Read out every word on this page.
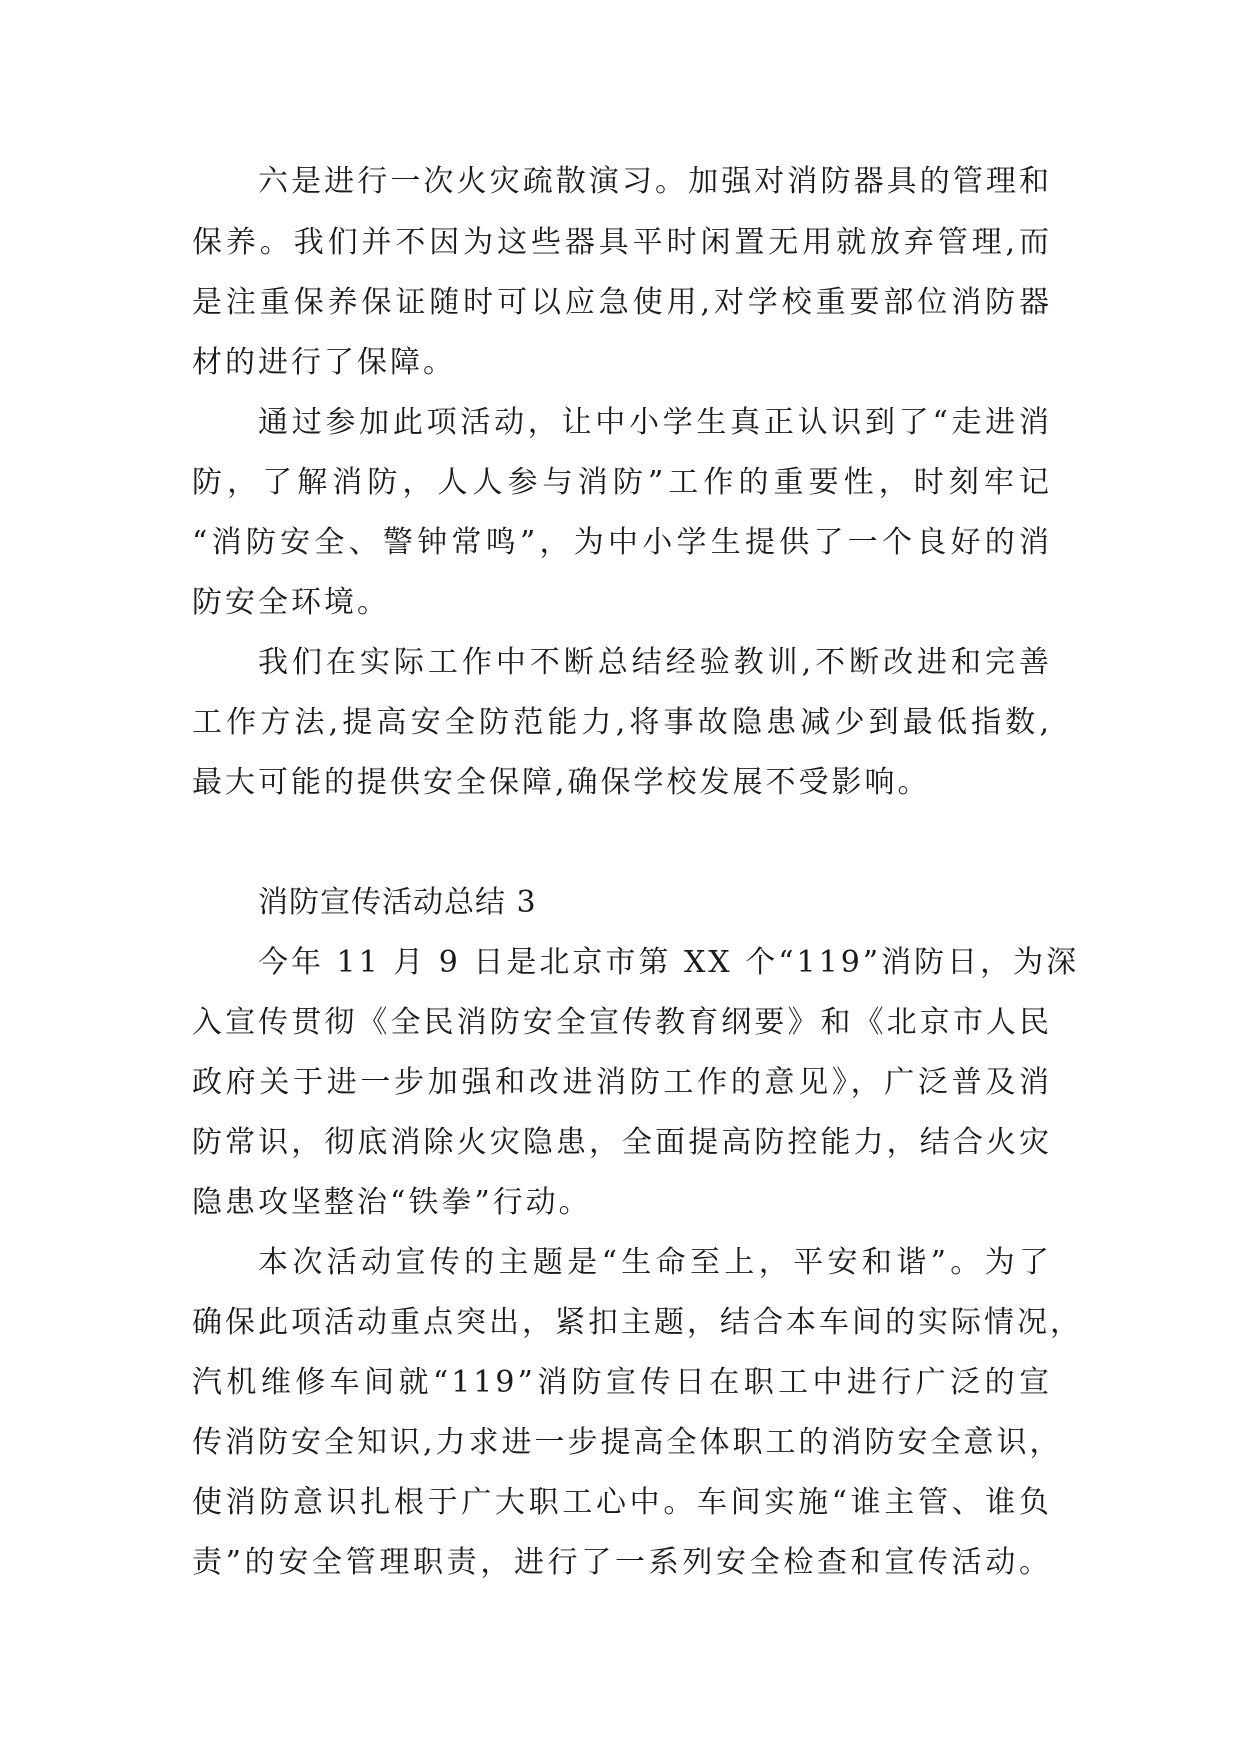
六是进行一次火灾疏散演习。加强对消防器具的管理和
保养。我们并不因为这些器具平时闲置无用就放弃管理,而
是注重保养保证随时可以应急使用,对学校重要部位消防器
材的进行了保障。
通过参加此项活动，让中小学生真正认识到了“走进消
防，了解消防，人人参与消防”工作的重要性，时刻牢记
“消防安全、警钟常鸣”，为中小学生提供了一个良好的消
防安全环境。
我们在实际工作中不断总结经验教训,不断改进和完善
工作方法,提高安全防范能力,将事故隐患减少到最低指数,
最大可能的提供安全保障,确保学校发展不受影响。
消防宣传活动总结 3
今年 11 月 9 日是北京市第 XX 个“119”消防日，为深
入宣传贯彻《全民消防安全宣传教育纲要》和《北京市人民
政府关于进一步加强和改进消防工作的意见》，广泛普及消
防常识，彻底消除火灾隐患，全面提高防控能力，结合火灾
隐患攻坚整治“铁拳”行动。
本次活动宣传的主题是“生命至上，平安和谐”。为了
确保此项活动重点突出，紧扣主题，结合本车间的实际情况，
汽机维修车间就“119”消防宣传日在职工中进行广泛的宣
传消防安全知识,力求进一步提高全体职工的消防安全意识，
使消防意识扎根于广大职工心中。车间实施“谁主管、谁负
责”的安全管理职责，进行了一系列安全检查和宣传活动。
